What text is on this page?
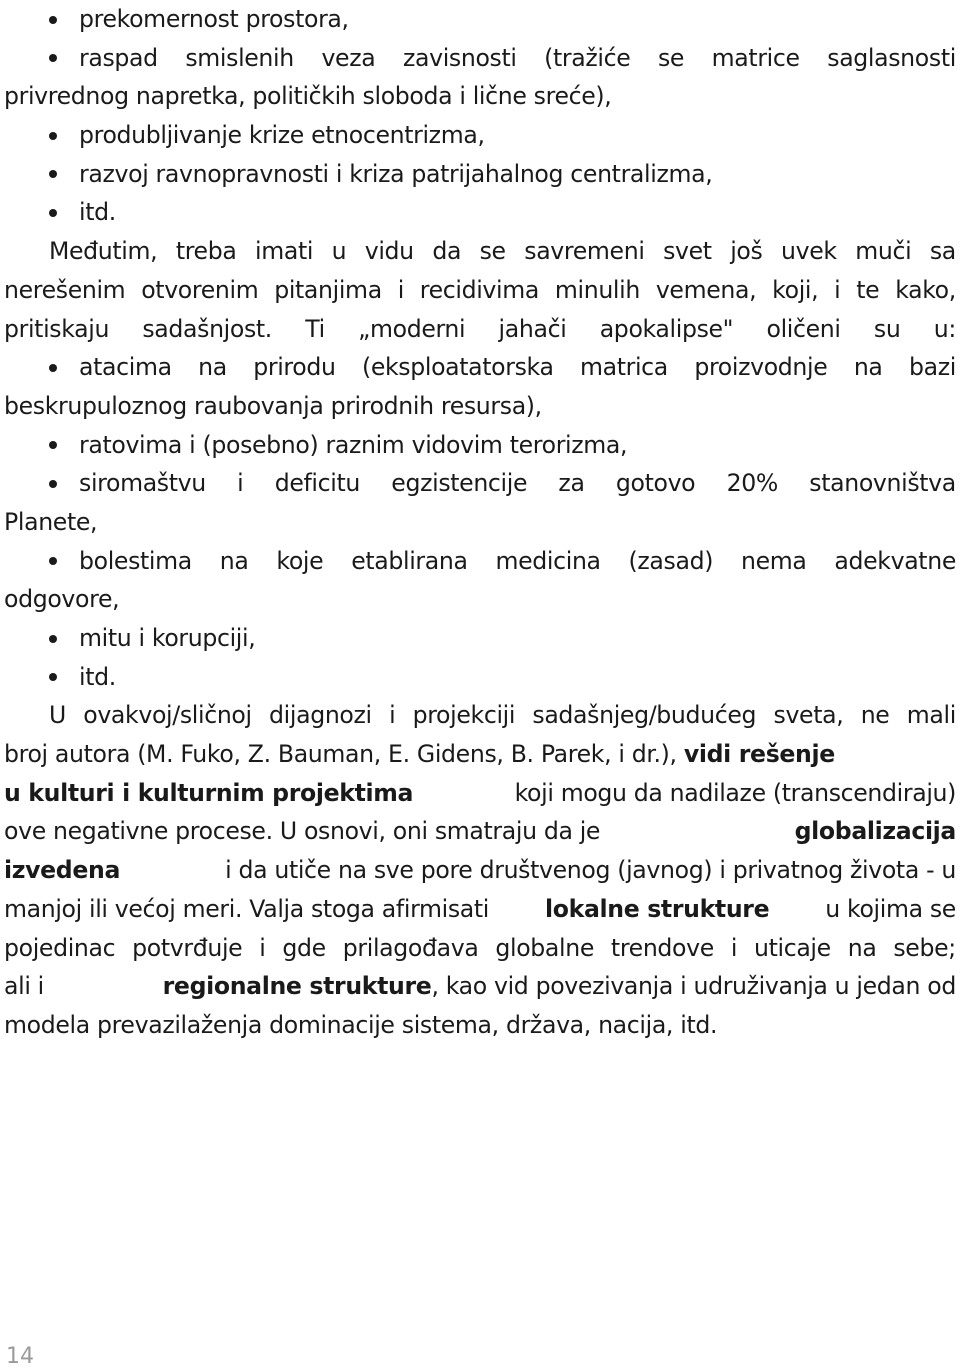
prekomernost prostora,
raspad smislenih veza zavisnosti (tražiće se matrice saglasnosti
privrednog napretka, političkih sloboda i lične sreće),
produbljivanje krize etnocentrizma,
razvoj ravnopravnosti i kriza patrijahalnog centralizma,
itd.
Međutim, treba imati u vidu da se savremeni svet još uvek muči sa
nerešenim otvorenim pitanjima i recidivima minulih vemena, koji, i te kako,
pritiskaju sadašnjost. Ti „moderni jahači apokalipse" oličeni su u:
atacima na prirodu (eksploatatorska matrica proizvodnje na bazi
beskrupuloznog raubovanja prirodnih resursa),
ratovima i (posebno) raznim vidovim terorizma,
siromaštvu i deficitu egzistencije za gotovo 20% stanovništva
Planete,
bolestima na koje etablirana medicina (zasad) nema adekvatne
odgovore,
mitu i korupciji,
itd.
U ovakvoj/sličnoj dijagnozi i projekciji sadašnjeg/budućeg sveta, ne mali
broj autora (M. Fuko, Z. Bauman, E. Gidens, B. Parek, i dr.), vidi rešenje
u kulturi i kulturnim projektima	koji mogu da nadilaze (transcendiraju)
ove negativne procese. U osnovi, oni smatraju da je	globalizacija
izvedena	i da utiče na sve pore društvenog (javnog) i privatnog života - u
manjoj ili većoj meri. Valja stoga afirmisati lokalne strukture u kojima se
pojedinac potvrđuje i gde prilagođava globalne trendove i uticaje na sebe;
ali i	regionalne strukture, kao vid povezivanja i udruživanja u jedan od
modela prevazilaženja dominacije sistema, država, nacija, itd.
14
